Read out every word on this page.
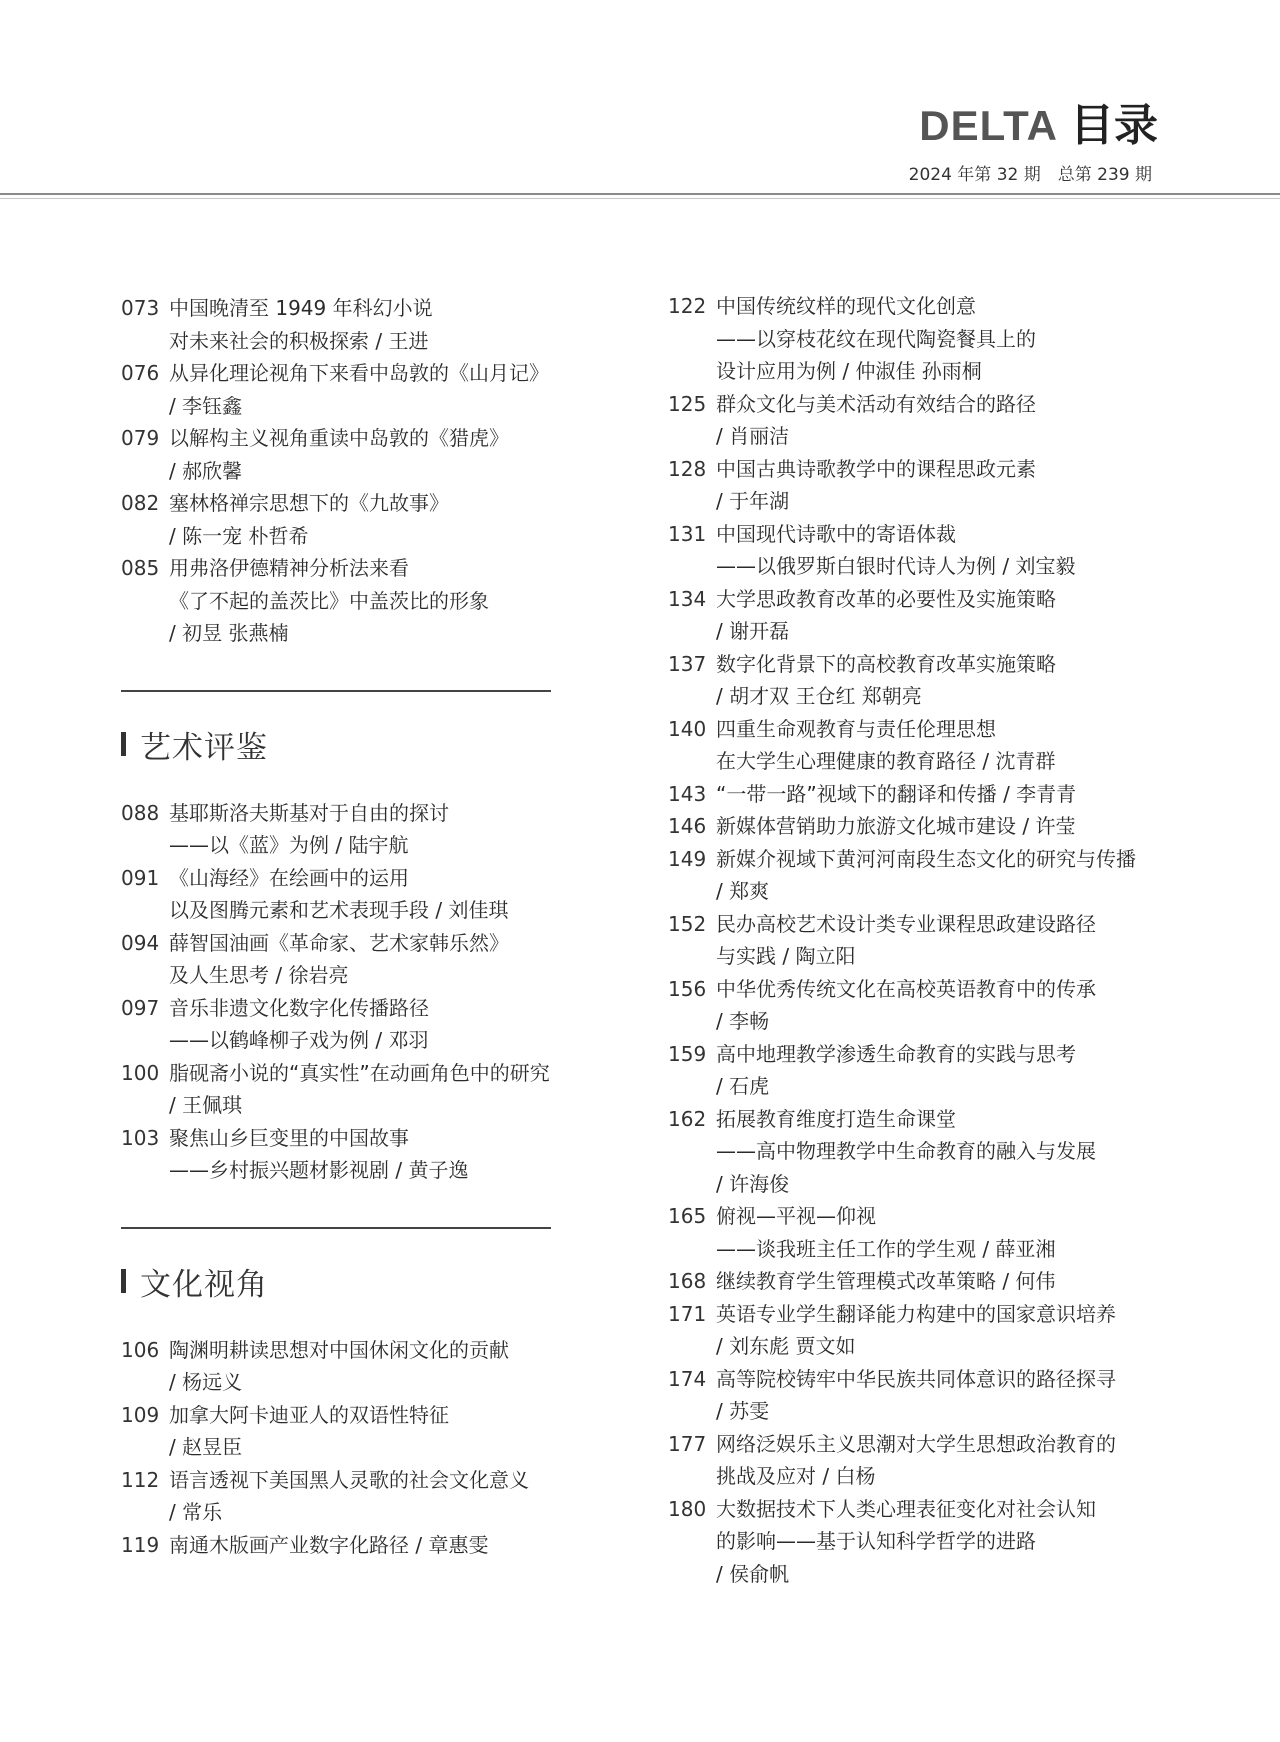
DELTA 目录
2024 年第 32 期　总第 239 期
073 中国晚清至 1949 年科幻小说
对未来社会的积极探索 / 王进
076 从异化理论视角下来看中岛敦的《山月记》
/ 李钰鑫
079 以解构主义视角重读中岛敦的《猎虎》
/ 郝欣馨
082 塞林格禅宗思想下的《九故事》
/ 陈一宠 朴哲希
085 用弗洛伊德精神分析法来看
《了不起的盖茨比》中盖茨比的形象
/ 初昱 张燕楠
艺术评鉴
088 基耶斯洛夫斯基对于自由的探讨
——以《蓝》为例 / 陆宇航
091 《山海经》在绘画中的运用
以及图腾元素和艺术表现手段 / 刘佳琪
094 薛智国油画《革命家、艺术家韩乐然》
及人生思考 / 徐岩亮
097 音乐非遗文化数字化传播路径
——以鹤峰柳子戏为例 / 邓羽
100 脂砚斋小说的“真实性”在动画角色中的研究
/ 王佩琪
103 聚焦山乡巨变里的中国故事
——乡村振兴题材影视剧 / 黄子逸
文化视角
106 陶渊明耕读思想对中国休闲文化的贡献
/ 杨远义
109 加拿大阿卡迪亚人的双语性特征
/ 赵昱臣
112 语言透视下美国黑人灵歌的社会文化意义
/ 常乐
119 南通木版画产业数字化路径 / 章惠雯
122 中国传统纹样的现代文化创意
——以穿枝花纹在现代陶瓷餐具上的
设计应用为例 / 仲淑佳 孙雨桐
125 群众文化与美术活动有效结合的路径
/ 肖丽洁
128 中国古典诗歌教学中的课程思政元素
/ 于年湖
131 中国现代诗歌中的寄语体裁
——以俄罗斯白银时代诗人为例 / 刘宝毅
134 大学思政教育改革的必要性及实施策略
/ 谢开磊
137 数字化背景下的高校教育改革实施策略
/ 胡才双 王仓红 郑朝亮
140 四重生命观教育与责任伦理思想
在大学生心理健康的教育路径 / 沈青群
143 “一带一路”视域下的翻译和传播 / 李青青
146 新媒体营销助力旅游文化城市建设 / 许莹
149 新媒介视域下黄河河南段生态文化的研究与传播
/ 郑爽
152 民办高校艺术设计类专业课程思政建设路径
与实践 / 陶立阳
156 中华优秀传统文化在高校英语教育中的传承
/ 李畅
159 高中地理教学渗透生命教育的实践与思考
/ 石虎
162 拓展教育维度打造生命课堂
——高中物理教学中生命教育的融入与发展
/ 许海俊
165 俯视—平视—仰视
——谈我班主任工作的学生观 / 薛亚湘
168 继续教育学生管理模式改革策略 / 何伟
171 英语专业学生翻译能力构建中的国家意识培养
/ 刘东彪 贾文如
174 高等院校铸牢中华民族共同体意识的路径探寻
/ 苏雯
177 网络泛娱乐主义思潮对大学生思想政治教育的
挑战及应对 / 白杨
180 大数据技术下人类心理表征变化对社会认知
的影响——基于认知科学哲学的进路
/ 侯俞帆
